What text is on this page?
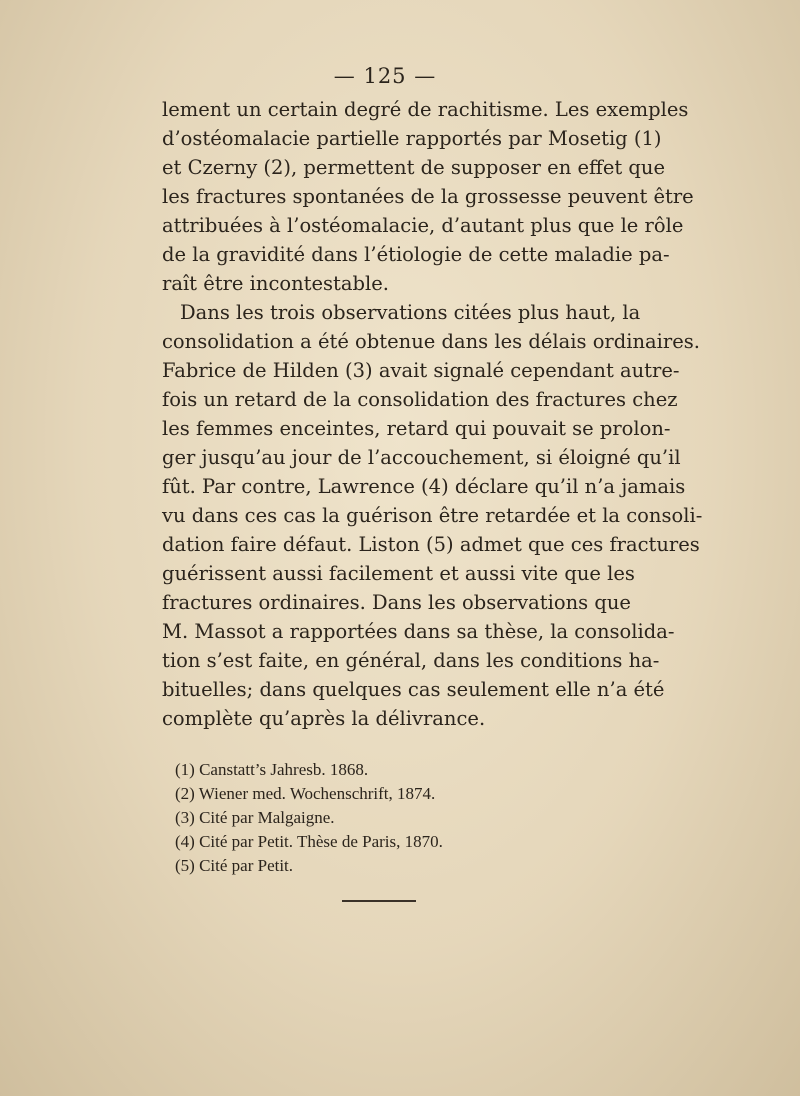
— 125 —
lement un certain degré de rachitisme. Les exemples
d’ostéomalacie partielle rapportés par Mosetig (1)
et Czerny (2), permettent de supposer en effet que
les fractures spontanées de la grossesse peuvent être
attribuées à l’ostéomalacie, d’autant plus que le rôle
de la gravidité dans l’étiologie de cette maladie pa-
raît être incontestable.
Dans les trois observations citées plus haut, la
consolidation a été obtenue dans les délais ordinaires.
Fabrice de Hilden (3) avait signalé cependant autre-
fois un retard de la consolidation des fractures chez
les femmes enceintes, retard qui pouvait se prolon-
ger jusqu’au jour de l’accouchement, si éloigné qu’il
fût. Par contre, Lawrence (4) déclare qu’il n’a jamais
vu dans ces cas la guérison être retardée et la consoli-
dation faire défaut. Liston (5) admet que ces fractures
guérissent aussi facilement et aussi vite que les
fractures ordinaires. Dans les observations que
M. Massot a rapportées dans sa thèse, la consolida-
tion s’est faite, en général, dans les conditions ha-
bituelles; dans quelques cas seulement elle n’a été
complète qu’après la délivrance.
(1) Canstatt’s Jahresb. 1868.
(2) Wiener med. Wochenschrift, 1874.
(3) Cité par Malgaigne.
(4) Cité par Petit. Thèse de Paris, 1870.
(5) Cité par Petit.
